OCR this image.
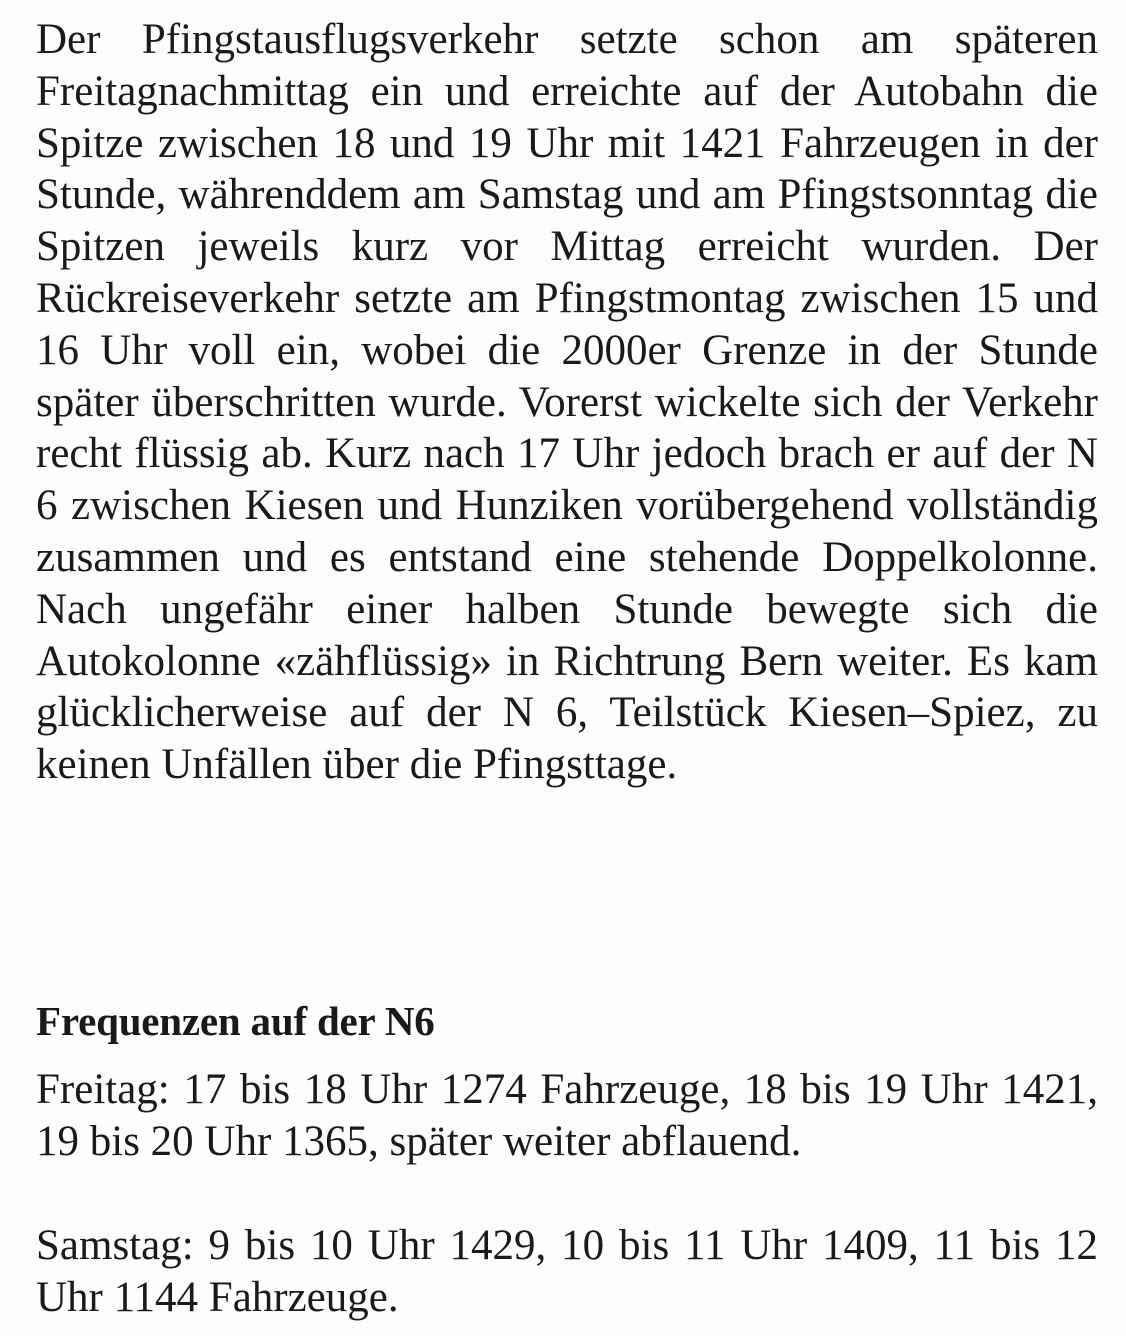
Der Pfingstausflugsverkehr setzte schon am späteren Freitagnachmittag ein und erreichte auf der Autobahn die Spitze zwischen 18 und 19 Uhr mit 1421 Fahrzeugen in der Stunde, währenddem am Samstag und am Pfingstsonntag die Spitzen jeweils kurz vor Mittag erreicht wurden. Der Rückreiseverkehr setzte am Pfingstmontag zwischen 15 und 16 Uhr voll ein, wobei die 2000er Grenze in der Stunde später überschritten wurde. Vorerst wickelte sich der Verkehr recht flüssig ab. Kurz nach 17 Uhr jedoch brach er auf der N 6 zwischen Kiesen und Hunziken vorübergehend vollständig zusammen und es entstand eine stehende Doppelkolonne. Nach ungefähr einer halben Stunde bewegte sich die Autokolonne «zähflüssig» in Richtrung Bern weiter. Es kam glücklicherweise auf der N 6, Teilstück Kiesen–Spiez, zu keinen Unfällen über die Pfingsttage.

Frequenzen auf der N6

Freitag: 17 bis 18 Uhr 1274 Fahrzeuge, 18 bis 19 Uhr 1421, 19 bis 20 Uhr 1365, später weiter abflauend.

Samstag: 9 bis 10 Uhr 1429, 10 bis 11 Uhr 1409, 11 bis 12 Uhr 1144 Fahrzeuge.
